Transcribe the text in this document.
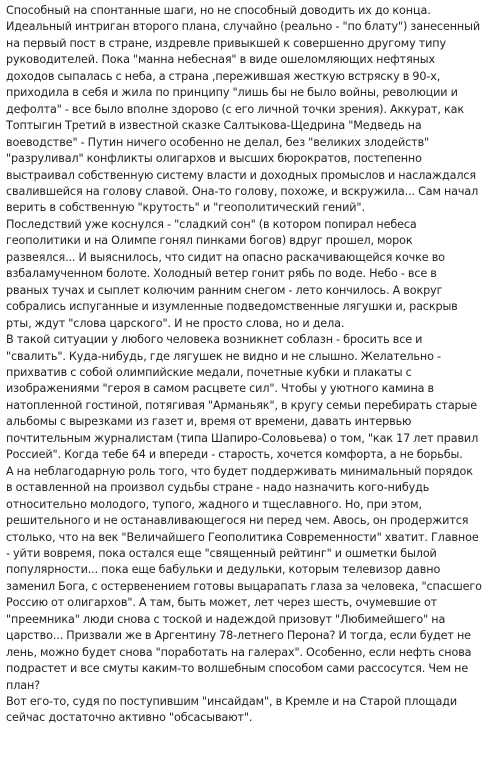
Способный на спонтанные шаги, но не способный доводить их до конца.

Идеальный интриган второго плана, случайно (реально - "по блату") занесенный на первый пост в стране, издревле привыкшей к совершенно другому типу руководителей. Пока "манна небесная" в виде ошеломляющих нефтяных доходов сыпалась с неба, а страна ,пережившая жесткую встряску в 90-х, приходила в себя и жила по принципу "лишь бы не было войны, революции и дефолта" - все было вполне здорово (с его личной точки зрения). Аккурат, как Топтыгин Третий в известной сказке Салтыкова-Щедрина "Медведь на воеводстве" - Путин ничего особенно не делал, без "великих злодейств" "разруливал" конфликты олигархов и высших бюрократов, постепенно выстраивал собственную систему власти и доходных промыслов и наслаждался свалившейся на голову славой. Она-то голову, похоже, и вскружила... Сам начал верить в собственную "крутость" и "геополитический гений".

Последствий уже коснулся - "сладкий сон" (в котором попирал небеса геополитики и на Олимпе гонял пинками богов) вдруг прошел, морок развеялся... И выяснилось, что сидит на опасно раскачивающейся кочке во взбаламученном болоте. Холодный ветер гонит рябь по воде. Небо - все в рваных тучах и сыплет колючим ранним снегом - лето кончилось. А вокруг собрались испуганные и изумленные подведомственные лягушки и, раскрыв рты, ждут "слова царского". И не просто слова, но и дела.

В такой ситуации у любого человека возникнет соблазн - бросить все и "свалить". Куда-нибудь, где лягушек не видно и не слышно. Желательно - прихватив с собой олимпийские медали, почетные кубки и плакаты с изображениями "героя в самом расцвете сил". Чтобы у уютного камина в натопленной гостиной, потягивая "Арманьяк", в кругу семьи перебирать старые альбомы с вырезками из газет и, время от времени, давать интервью почтительным журналистам (типа Шапиро-Соловьева) о том, "как 17 лет правил Россией". Когда тебе 64 и впереди - старость, хочется комфорта, а не борьбы.

А на неблагодарную роль того, что будет поддерживать минимальный порядок в оставленной на произвол судьбы стране - надо назначить кого-нибудь относительно молодого, тупого, жадного и тщеславного. Но, при этом, решительного и не останавливающегося ни перед чем. Авось, он продержится столько, что на век "Величайшего Геополитика Современности" хватит. Главное - уйти вовремя, пока остался еще "священный рейтинг" и ошметки былой популярности... пока еще бабульки и дедульки, которым телевизор давно заменил Бога, с остервенением готовы выцарапать глаза за человека, "спасшего Россию от олигархов". А там, быть может, лет через шесть, очумевшие от "преемника" люди снова с тоской и надеждой призовут "Любимейшего" на царство... Призвали же в Аргентину 78-летнего Перона? И тогда, если будет не лень, можно будет снова "поработать на галерах". Особенно, если нефть снова подрастет и все смуты каким-то волшебным способом сами рассосутся. Чем не план?

Вот его-то, судя по поступившим "инсайдам", в Кремле и на Старой площади сейчас достаточно активно "обсасывают".
